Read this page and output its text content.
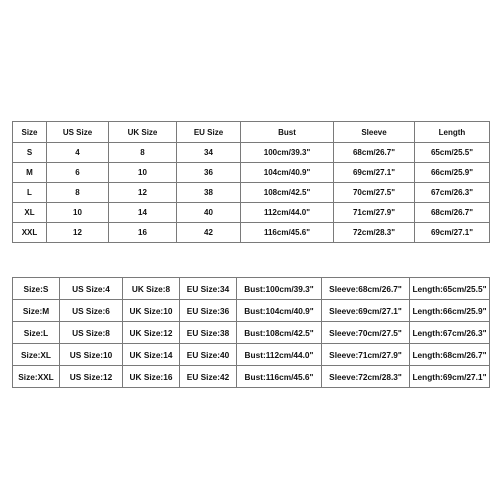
Size	US Size	UK Size	EU Size	Bust	Sleeve	Length
S	4	8	34	100cm/39.3"	68cm/26.7"	65cm/25.5"
M	6	10	36	104cm/40.9"	69cm/27.1"	66cm/25.9"
L	8	12	38	108cm/42.5"	70cm/27.5"	67cm/26.3"
XL	10	14	40	112cm/44.0"	71cm/27.9"	68cm/26.7"
XXL	12	16	42	116cm/45.6"	72cm/28.3"	69cm/27.1"
Size:S	US Size:4	UK Size:8	EU Size:34	Bust:100cm/39.3"	Sleeve:68cm/26.7"	Length:65cm/25.5"
Size:M	US Size:6	UK Size:10	EU Size:36	Bust:104cm/40.9"	Sleeve:69cm/27.1"	Length:66cm/25.9"
Size:L	US Size:8	UK Size:12	EU Size:38	Bust:108cm/42.5"	Sleeve:70cm/27.5"	Length:67cm/26.3"
Size:XL	US Size:10	UK Size:14	EU Size:40	Bust:112cm/44.0"	Sleeve:71cm/27.9"	Length:68cm/26.7"
Size:XXL	US Size:12	UK Size:16	EU Size:42	Bust:116cm/45.6"	Sleeve:72cm/28.3"	Length:69cm/27.1"
